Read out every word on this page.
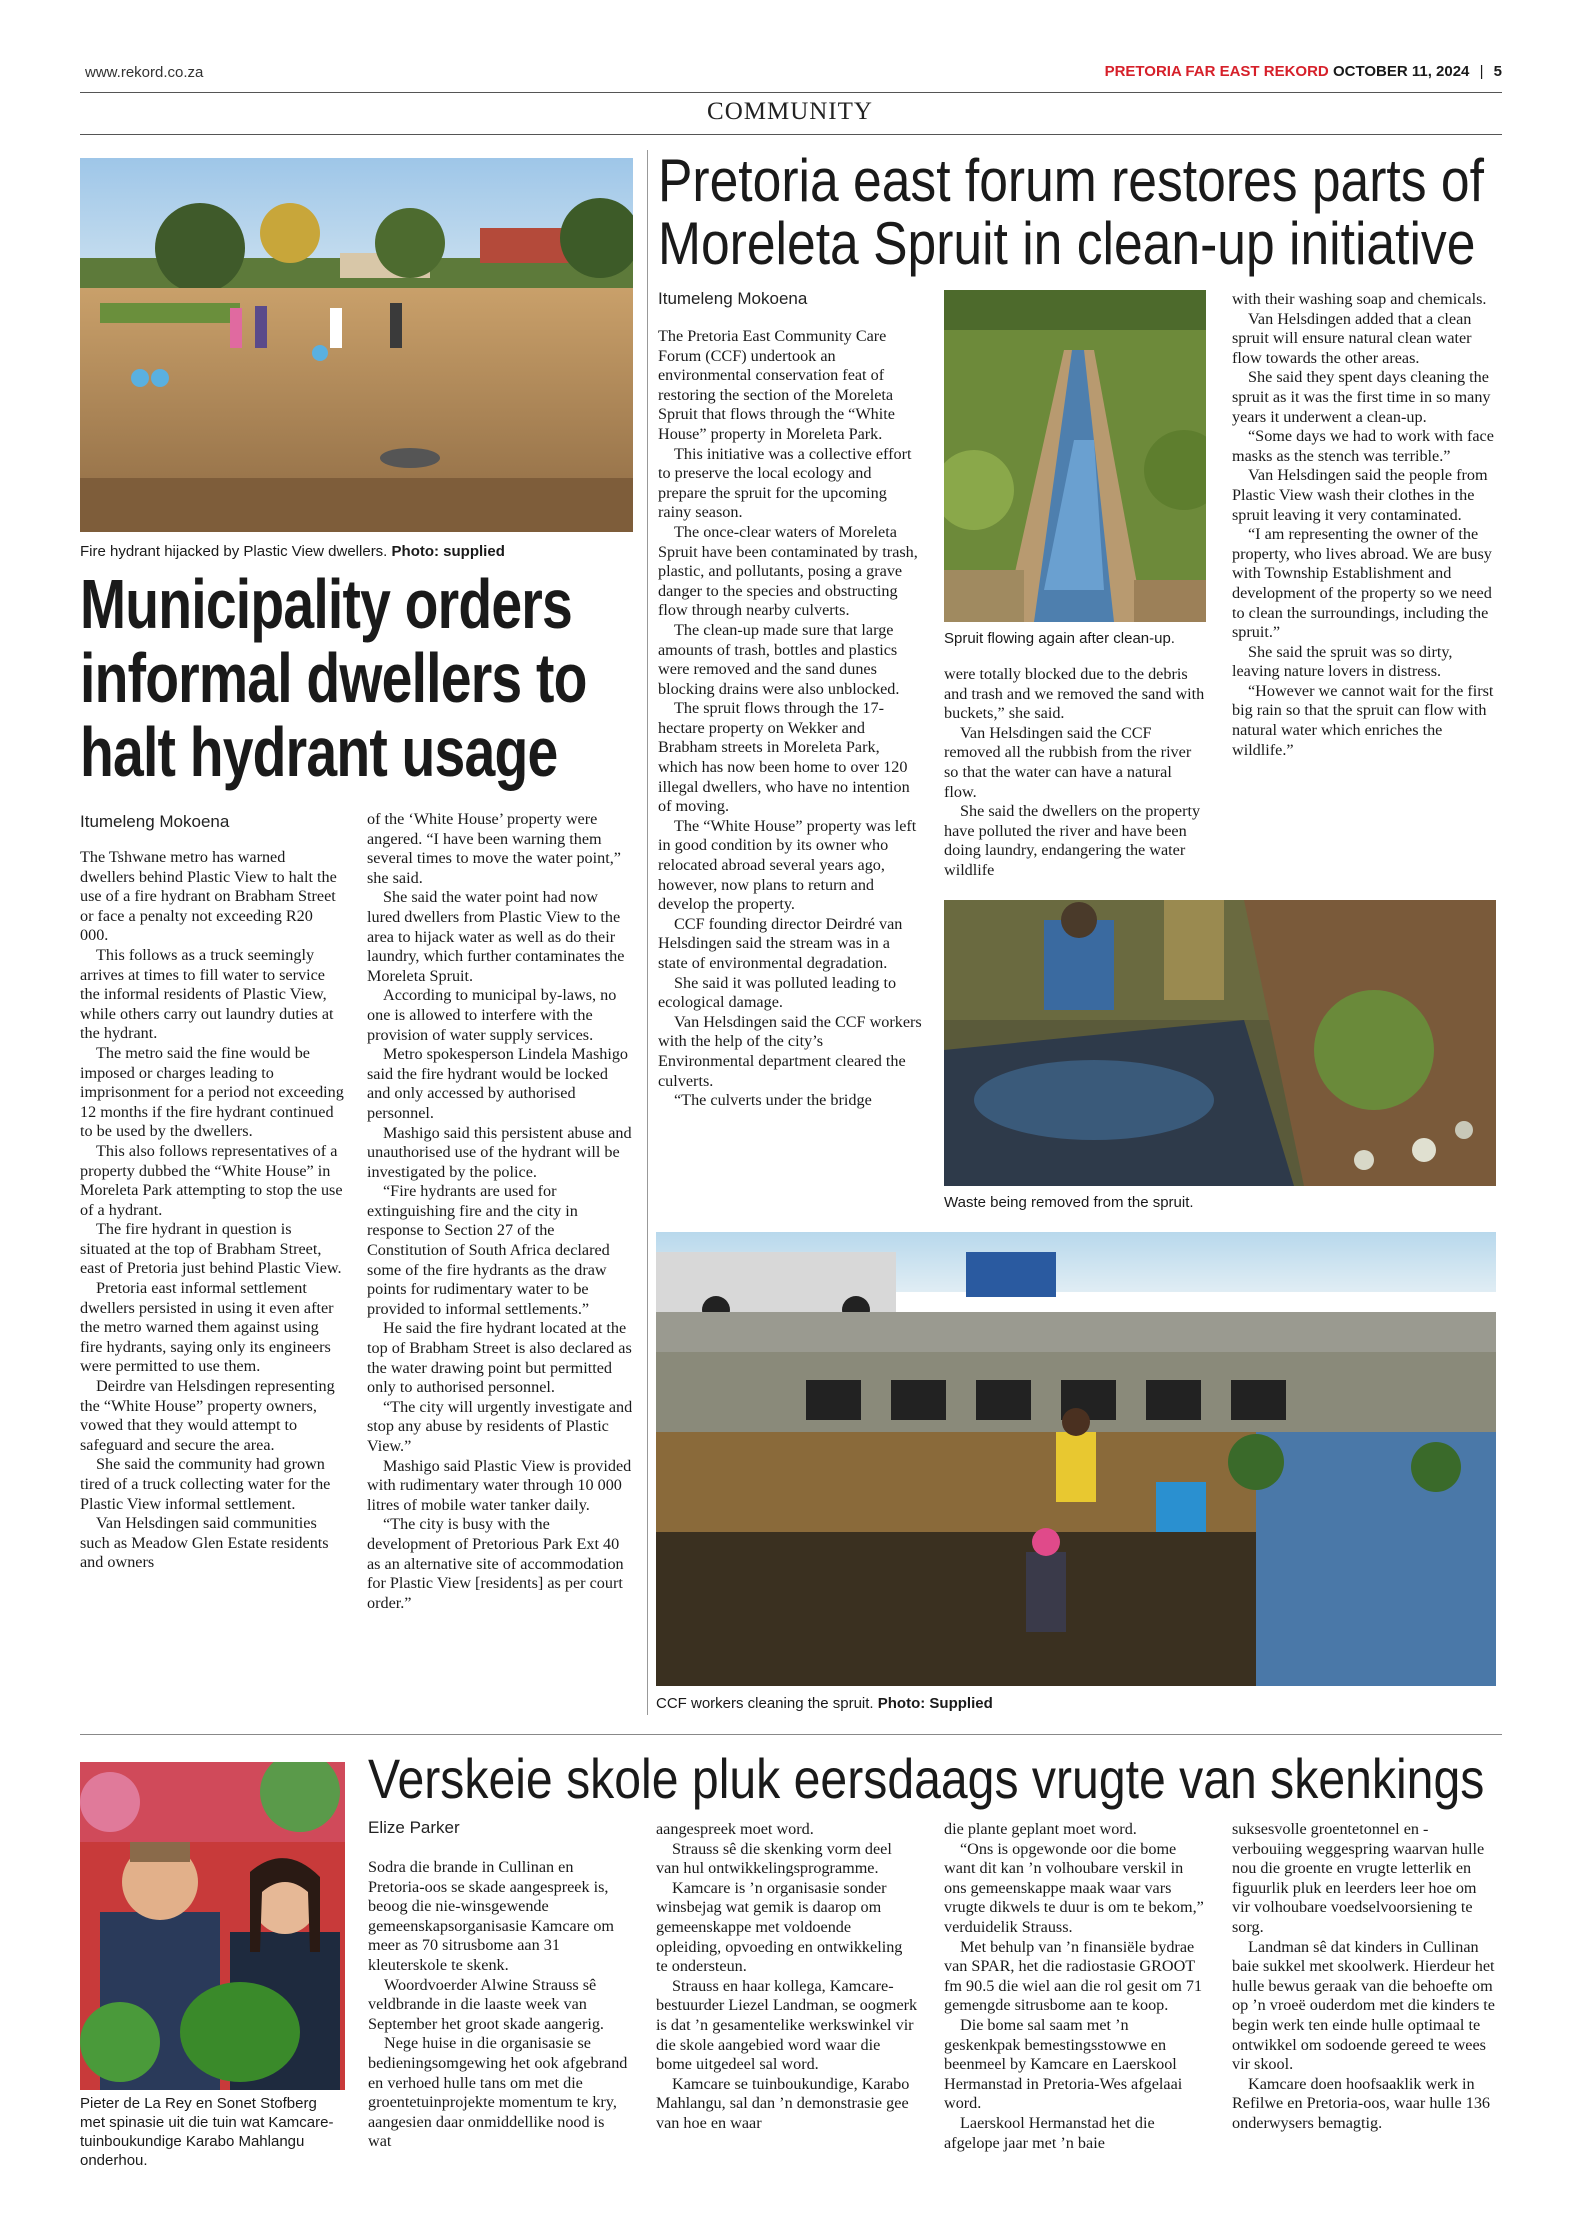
www.rekord.co.za	PRETORIA FAR EAST REKORD OCTOBER 11, 2024 | 5
COMMUNITY
Fire hydrant hijacked by Plastic View dwellers. Photo: supplied
Municipality orders
informal dwellers to
halt hydrant usage
Itumeleng Mokoena

The Tshwane metro has warned dwellers behind Plastic View to halt the use of a fire hydrant on Brabham Street or face a penalty not exceeding R20 000.

This follows as a truck seemingly arrives at times to fill water to service the informal residents of Plastic View, while others carry out laundry duties at the hydrant.

The metro said the fine would be imposed or charges leading to imprisonment for a period not exceeding 12 months if the fire hydrant continued to be used by the dwellers.

This also follows representatives of a property dubbed the “White House” in Moreleta Park attempting to stop the use of a hydrant.

The fire hydrant in question is situated at the top of Brabham Street, east of Pretoria just behind Plastic View.

Pretoria east informal settlement dwellers persisted in using it even after the metro warned them against using fire hydrants, saying only its engineers were permitted to use them.

Deirdre van Helsdingen representing the “White House” property owners, vowed that they would attempt to safeguard and secure the area.

She said the community had grown tired of a truck collecting water for the Plastic View informal settlement.

Van Helsdingen said communities such as Meadow Glen Estate residents and owners

of the ‘White House’ property were angered. “I have been warning them several times to move the water point,” she said.

She said the water point had now lured dwellers from Plastic View to the area to hijack water as well as do their laundry, which further contaminates the Moreleta Spruit.

According to municipal by-laws, no one is allowed to interfere with the provision of water supply services.

Metro spokesperson Lindela Mashigo said the fire hydrant would be locked and only accessed by authorised personnel.

Mashigo said this persistent abuse and unauthorised use of the hydrant will be investigated by the police.

“Fire hydrants are used for extinguishing fire and the city in response to Section 27 of the Constitution of South Africa declared some of the fire hydrants as the draw points for rudimentary water to be provided to informal settlements.”

He said the fire hydrant located at the top of Brabham Street is also declared as the water drawing point but permitted only to authorised personnel.

“The city will urgently investigate and stop any abuse by residents of Plastic View.”

Mashigo said Plastic View is provided with rudimentary water through 10 000 litres of mobile water tanker daily.

“The city is busy with the development of Pretorious Park Ext 40 as an alternative site of accommodation for Plastic View [residents] as per court order.”

Pretoria east forum restores parts of
Moreleta Spruit in clean-up initiative
Itumeleng Mokoena

The Pretoria East Community Care Forum (CCF) undertook an environmental conservation feat of restoring the section of the Moreleta Spruit that flows through the “White House” property in Moreleta Park.

This initiative was a collective effort to preserve the local ecology and prepare the spruit for the upcoming rainy season.

The once-clear waters of Moreleta Spruit have been contaminated by trash, plastic, and pollutants, posing a grave danger to the species and obstructing flow through nearby culverts.

The clean-up made sure that large amounts of trash, bottles and plastics were removed and the sand dunes blocking drains were also unblocked.

The spruit flows through the 17-hectare property on Wekker and Brabham streets in Moreleta Park, which has now been home to over 120 illegal dwellers, who have no intention of moving.

The “White House” property was left in good condition by its owner who relocated abroad several years ago, however, now plans to return and develop the property.

CCF founding director Deirdré van Helsdingen said the stream was in a state of environmental degradation.

She said it was polluted leading to ecological damage.

Van Helsdingen said the CCF workers with the help of the city’s Environmental department cleared the culverts.

“The culverts under the bridge

Spruit flowing again after clean-up.

were totally blocked due to the debris and trash and we removed the sand with buckets,” she said.

Van Helsdingen said the CCF removed all the rubbish from the river so that the water can have a natural flow.

She said the dwellers on the property have polluted the river and have been doing laundry, endangering the water wildlife

with their washing soap and chemicals.

Van Helsdingen added that a clean spruit will ensure natural clean water flow towards the other areas.

She said they spent days cleaning the spruit as it was the first time in so many years it underwent a clean-up.

“Some days we had to work with face masks as the stench was terrible.”

Van Helsdingen said the people from Plastic View wash their clothes in the spruit leaving it very contaminated.

“I am representing the owner of the property, who lives abroad. We are busy with Township Establishment and development of the property so we need to clean the surroundings, including the spruit.”

She said the spruit was so dirty, leaving nature lovers in distress.

“However we cannot wait for the first big rain so that the spruit can flow with natural water which enriches the wildlife.”

Waste being removed from the spruit.
CCF workers cleaning the spruit. Photo: Supplied
Pieter de La Rey en Sonet Stofberg met spinasie uit die tuin wat Kamcare-tuinboukundige Karabo Mahlangu onderhou.
Verskeie skole pluk eersdaags vrugte van skenkings
Elize Parker

Sodra die brande in Cullinan en Pretoria-oos se skade aangespreek is, beoog die nie-winsgewende gemeenskapsorganisasie Kamcare om meer as 70 sitrusbome aan 31 kleuterskole te skenk.

Woordvoerder Alwine Strauss sê veldbrande in die laaste week van September het groot skade aangerig.

Nege huise in die organisasie se bedieningsomgewing het ook afgebrand en verhoed hulle tans om met die groentetuinprojekte momentum te kry, aangesien daar onmiddellike nood is wat

aangespreek moet word.

Strauss sê die skenking vorm deel van hul ontwikkelingsprogramme.

Kamcare is ’n organisasie sonder winsbejag wat gemik is daarop om gemeenskappe met voldoende opleiding, opvoeding en ontwikkeling te ondersteun.

Strauss en haar kollega, Kamcare-bestuurder Liezel Landman, se oogmerk is dat ’n gesamentelike werkswinkel vir die skole aangebied word waar die bome uitgedeel sal word.

Kamcare se tuinboukundige, Karabo Mahlangu, sal dan ’n demonstrasie gee van hoe en waar

die plante geplant moet word.

“Ons is opgewonde oor die bome want dit kan ’n volhoubare verskil in ons gemeenskappe maak waar vars vrugte dikwels te duur is om te bekom,” verduidelik Strauss.

Met behulp van ’n finansiële bydrae van SPAR, het die radiostasie GROOT fm 90.5 die wiel aan die rol gesit om 71 gemengde sitrusbome aan te koop.

Die bome sal saam met ’n geskenkpak bemestingsstowwe en beenmeel by Kamcare en Laerskool Hermanstad in Pretoria-Wes afgelaai word.

Laerskool Hermanstad het die afgelope jaar met ’n baie

suksesvolle groentetonnel en -verbouiing weggespring waarvan hulle nou die groente en vrugte letterlik en figuurlik pluk en leerders leer hoe om vir volhoubare voedselvoorsiening te sorg.

Landman sê dat kinders in Cullinan baie sukkel met skoolwerk. Hierdeur het hulle bewus geraak van die behoefte om op ’n vroeë ouderdom met die kinders te begin werk ten einde hulle optimaal te ontwikkel om sodoende gereed te wees vir skool.

Kamcare doen hoofsaaklik werk in Refilwe en Pretoria-oos, waar hulle 136 onderwysers bemagtig.
